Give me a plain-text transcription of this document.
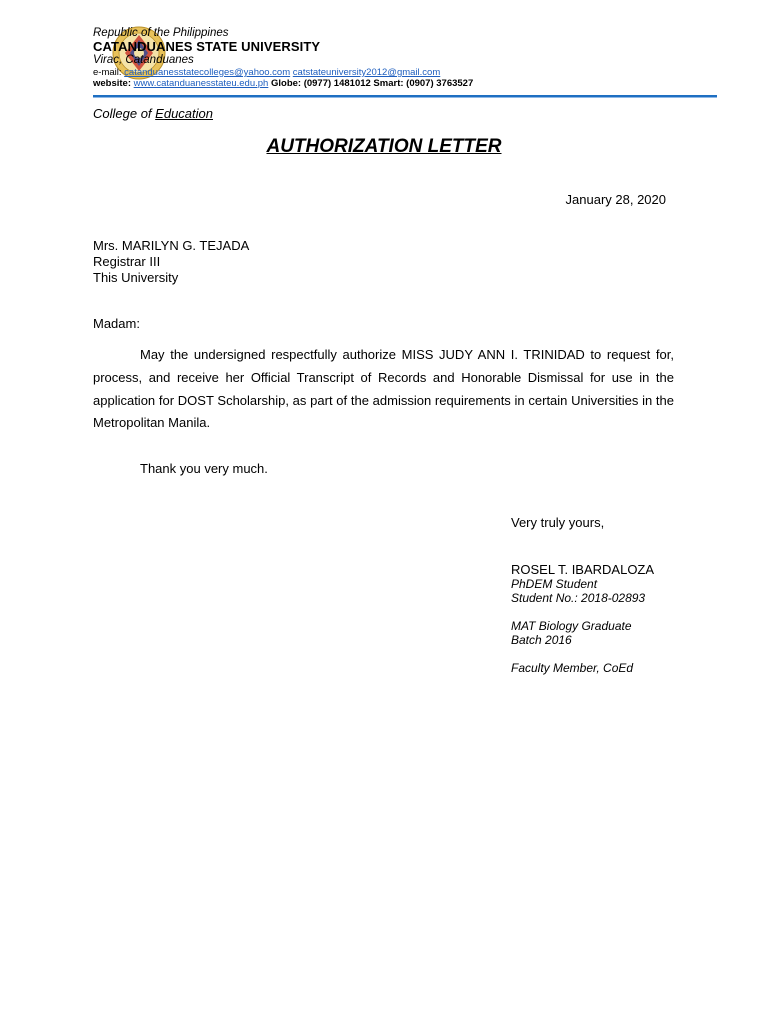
Republic of the Philippines
CATANDUANES STATE UNIVERSITY
Virac, Catanduanes
e-mail: catanduanesstatecolleges@yahoo.com catstateuniversity2012@gmail.com
website: www.catanduanesstateu.edu.ph Globe: (0977) 1481012 Smart: (0907) 3763527
College of Education
AUTHORIZATION LETTER
January 28, 2020
Mrs. MARILYN G. TEJADA
Registrar III
This University
Madam:

May the undersigned respectfully authorize MISS JUDY ANN I. TRINIDAD to request for, process, and receive her Official Transcript of Records and Honorable Dismissal for use in the application for DOST Scholarship, as part of the admission requirements in certain Universities in the Metropolitan Manila.

Thank you very much.
Very truly yours,
ROSEL T. IBARDALOZA
PhDEM Student
Student No.: 2018-02893
MAT Biology Graduate
Batch 2016
Faculty Member, CoEd
